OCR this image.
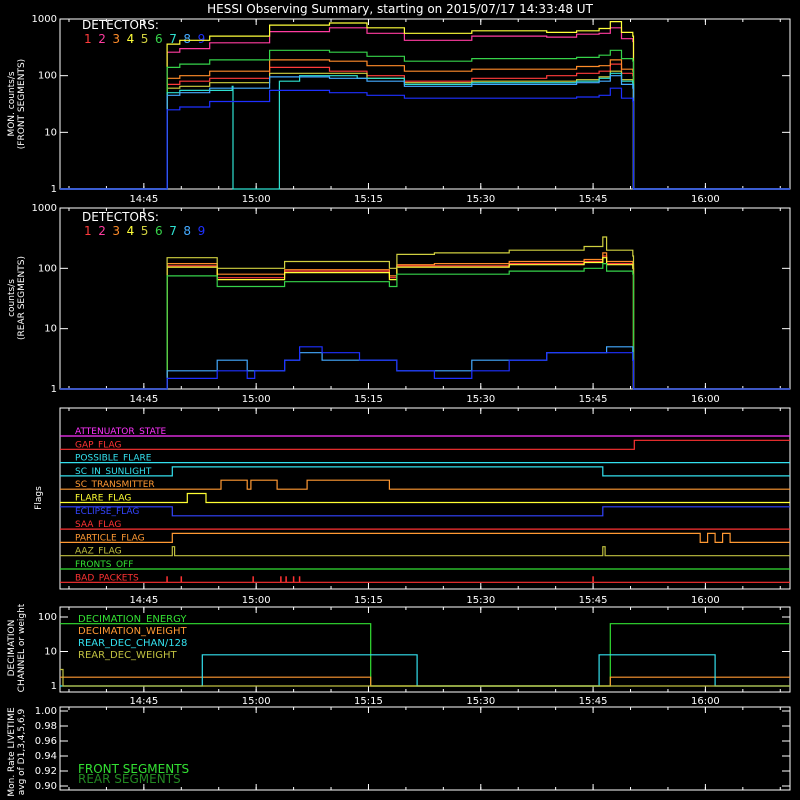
HESSI Observing Summary, starting on 2015/07/17 14:33:48 UT
1
10
100
1000
14:45	15:00	15:15	15:30	15:45	16:00
MON. counts/s (FRONT SEGMENTS)
DETECTORS:
1 2 3 4 5 6 7 8 9
1
10
100
1000
14:45	15:00	15:15	15:30	15:45	16:00
counts/s (REAR SEGMENTS)
DETECTORS:
1 2 3 4 5 6 7 8 9
14:45	15:00	15:15	15:30	15:45	16:00
Flags
ATTENUATOR_STATE
GAP_FLAG
POSSIBLE_FLARE
SC_IN_SUNLIGHT
SC_TRANSMITTER
FLARE_FLAG
ECLIPSE_FLAG
SAA_FLAG
PARTICLE_FLAG
AAZ_FLAG
FRONTS_OFF
BAD_PACKETS
1
10
100
14:45	15:00	15:15	15:30	15:45	16:00
DECIMATION CHANNEL or weight	DECIMATION_ENERGY
DECIMATION_WEIGHT
REAR_DEC_CHAN/128
REAR_DEC_WEIGHT
0.90
0.92
0.94
0.96
0.98
1.00
Mon. Rate LIVETIME avg of D1,3,4,5,6,9	FRONT SEGMENTS
REAR SEGMENTS
